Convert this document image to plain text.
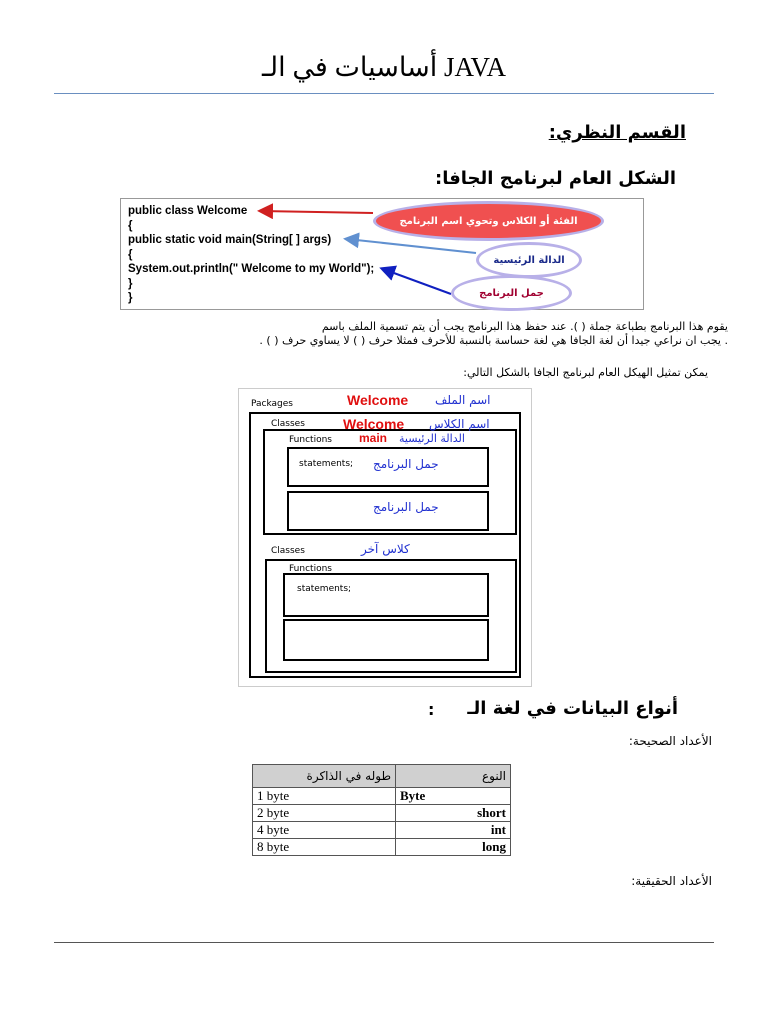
أساسيات في الـ JAVA
القسم النظري:
الشكل العام لبرنامج الجافا:
public class Welcome
{
public static void main(String[ ] args)
{
System.out.println(" Welcome to my World");
}
}
الفئة أو الكلاس وتحوي اسم البرنامج
الدالة الرئيسية
جمل البرنامج
يقوم هذا البرنامج بطباعة جملة ( ). عند حفظ هذا البرنامج يجب أن يتم تسمية الملف باسم
. يجب ان نراعي جيدا أن لغة الجافا هي لغة حساسة بالنسبة للأحرف فمثلا حرف ( ) لا يساوي حرف ( ) .
يمكن تمثيل الهيكل العام لبرنامج الجافا بالشكل التالي:
Packages	Welcome اسم الملف
Classes	Welcome اسم الكلاس
Functions main الدالة الرئيسية
statements; جمل البرنامج
جمل البرنامج
Classes	كلاس آخر
Functions
statements;
أنواع البيانات في لغة الـ
:
الأعداد الصحيحة:
طوله في الذاكرة	النوع
1 byte	Byte
2 byte	short
4 byte	int
8 byte	long
الأعداد الحقيقية:
